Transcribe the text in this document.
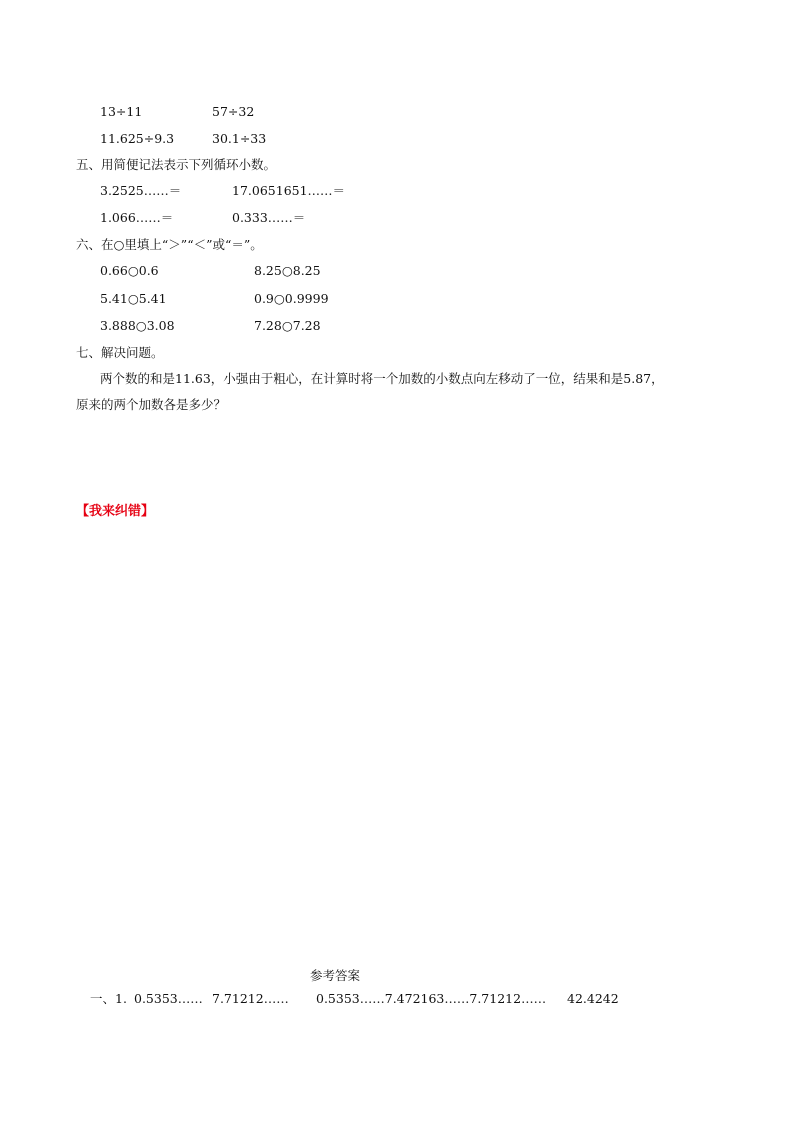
13÷11	57÷32
11.625÷9.3	30.1÷33
五、用简便记法表示下列循环小数。
3.2525……＝	17.0651651……＝
1.066……＝	0.333……＝
六、在○里填上“＞”“＜”或“＝”。
0.66○0.6	8.25○8.25
5.41○5.41	0.9○0.9999
3.888○3.08	7.28○7.28
七、解决问题。
两个数的和是11.63，小强由于粗心，在计算时将一个加数的小数点向左移动了一位，结果和是5.87，
原来的两个加数各是多少？
【我来纠错】
参考答案
一、1. 0.5353…… 7.71212…… 0.5353……7.472163……7.71212…… 42.4242
